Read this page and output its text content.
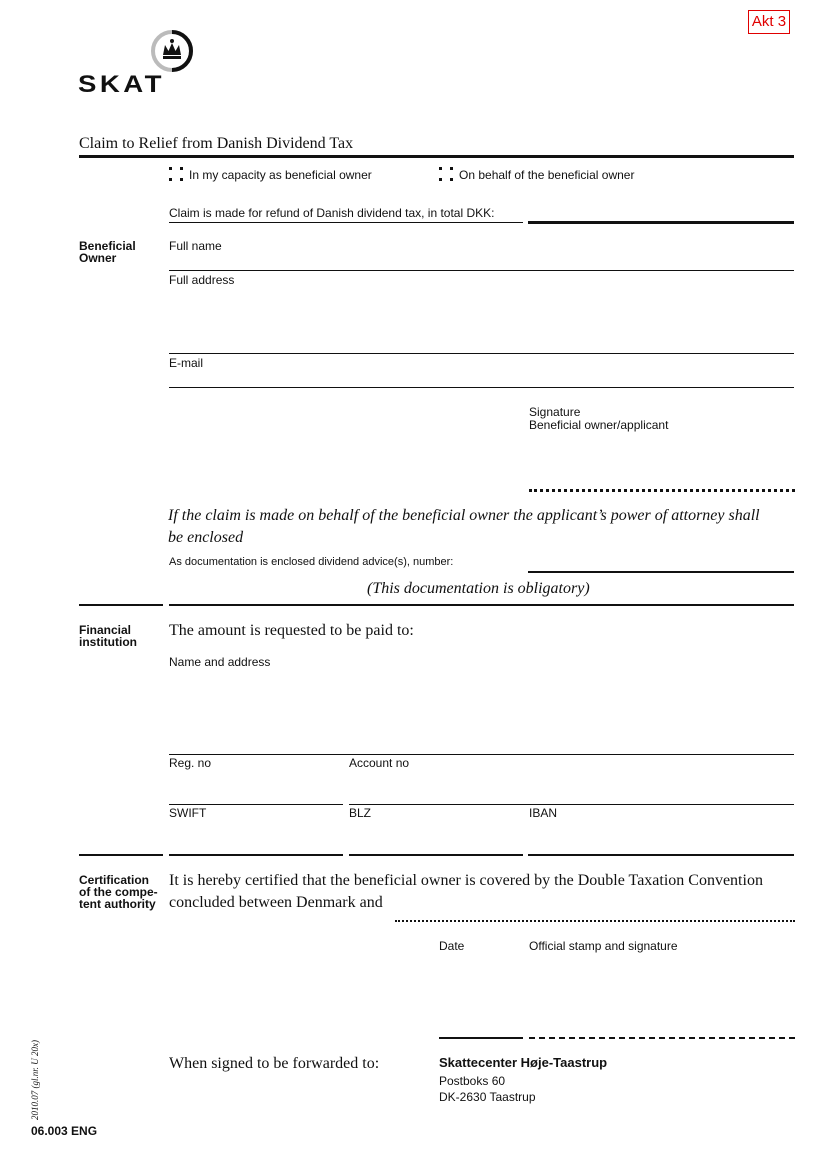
Akt 3
SKAT
Claim to Relief from Danish Dividend Tax
In my capacity as beneficial owner	On behalf of the beneficial owner
Claim is made for refund of Danish dividend tax, in total DKK:
Beneficial Owner
Full name
Full address
E-mail
Signature
Beneficial owner/applicant
If the claim is made on behalf of the beneficial owner the applicant’s power of attorney shall be enclosed
As documentation is enclosed dividend advice(s), number:
(This documentation is obligatory)
Financial institution
The amount is requested to be paid to:
Name and address
Reg. no	Account no
SWIFT	BLZ	IBAN
Certification of the compe-tent authority
It is hereby certified that the beneficial owner is covered by the Double Taxation Convention
concluded between Denmark and
Date	Official stamp and signature
When signed to be forwarded to:	Skattecenter Høje-Taastrup
Postboks 60
DK-2630 Taastrup
2010.07 (gl.nr. U 20x)
06.003 ENG
